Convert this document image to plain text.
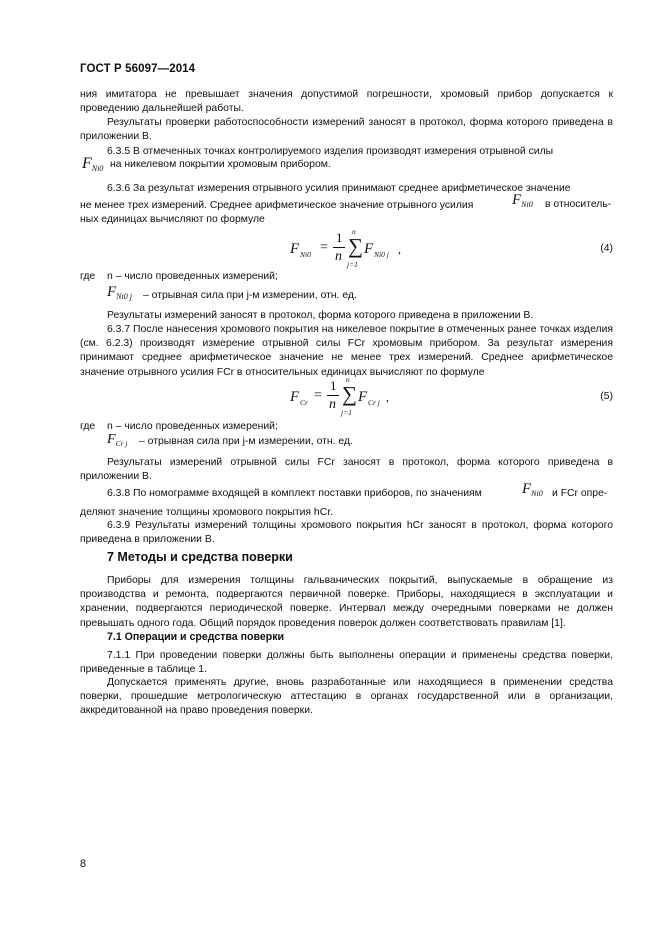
ГОСТ Р 56097—2014
ния имитатора не превышает значения допустимой погрешности, хромовый прибор допускается к проведению дальнейшей работы.
Результаты проверки работоспособности измерений заносят в протокол, форма которого приведена в приложении В.
6.3.5 В отмеченных точках контролируемого изделия производят измерения отрывной силы
$F_{Ni0}$ на никелевом покрытии хромовым прибором.
6.3.6 За результат измерения отрывного усилия принимают среднее арифметическое значение
не менее трех измерений. Среднее арифметическое значение отрывного усилия	$F_{Ni0}$ в относитель-
ных единицах вычисляют по формуле
F Ni0 =
1
n ∑
n
j=1
F Ni0 j ,	(4)
где n – число проведенных измерений;
$F_{Ni0 j}$ – отрывная сила при j-м измерении, отн. ед.
Результаты измерений заносят в протокол, форма которого приведена в приложении В.
6.3.7 После нанесения хромового покрытия на никелевое покрытие в отмеченных ранее точках изделия (см. 6.2.3) производят измерение отрывной силы FCr хромовым прибором. За результат измерения принимают среднее арифметическое значение не менее трех измерений. Среднее арифметическое значение отрывного усилия FCr в относительных единицах вычисляют по формуле
F Cr =
1
n ∑
n
j=1
F Cr j ,	(5)
где n – число проведенных измерений;
$F_{Cr j}$ – отрывная сила при j-м измерении, отн. ед.
Результаты измерений отрывной силы FCr заносят в протокол, форма которого приведена в приложении В.
6.3.8 По номограмме входящей в комплект поставки приборов, по значениям	$F_{Ni0}$ и FCr опре-
деляют значение толщины хромового покрытия hCr.
6.3.9 Результаты измерений толщины хромового покрытия hCr заносят в протокол, форма которого приведена в приложении В.
7 Методы и средства поверки
Приборы для измерения толщины гальванических покрытий, выпускаемые в обращение из производства и ремонта, подвергаются первичной поверке. Приборы, находящиеся в эксплуатации и хранении, подвергаются периодической поверке. Интервал между очередными поверками не должен превышать одного года. Общий порядок проведения поверок должен соответствовать правилам [1].
7.1 Операции и средства поверки
7.1.1 При проведении поверки должны быть выполнены операции и применены средства поверки, приведенные в таблице 1.
Допускается применять другие, вновь разработанные или находящиеся в применении средства поверки, прошедшие метрологическую аттестацию в органах государственной или в организации, аккредитованной на право проведения поверки.
8
